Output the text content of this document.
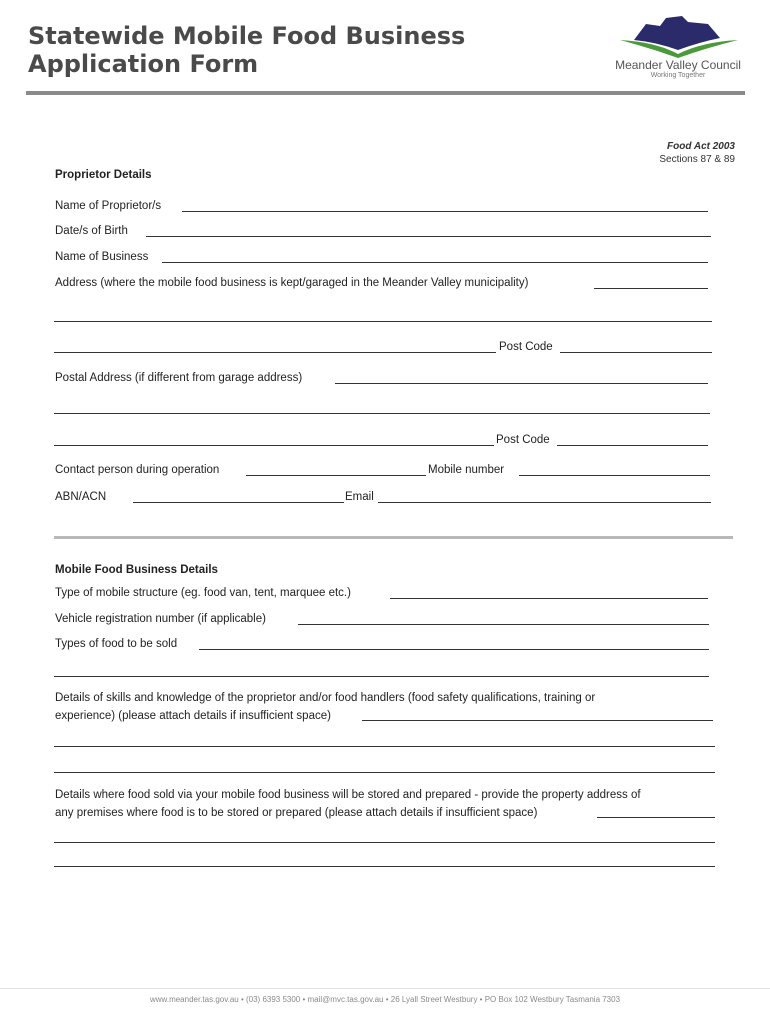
Statewide Mobile Food Business
Application Form	Meander Valley Council
Working Together
Food Act 2003
Sections 87 & 89
Proprietor Details
Name of Proprietor/s
Date/s of Birth
Name of Business
Address (where the mobile food business is kept/garaged in the Meander Valley municipality)
Post Code
Postal Address (if different from garage address)
Post Code
Contact person during operation	Mobile number
ABN/ACN	Email
Mobile Food Business Details
Type of mobile structure (eg. food van, tent, marquee etc.)
Vehicle registration number (if applicable)
Types of food to be sold
Details of skills and knowledge of the proprietor and/or food handlers (food safety qualifications, training or
experience) (please attach details if insufficient space)
Details where food sold via your mobile food business will be stored and prepared - provide the property address of
any premises where food is to be stored or prepared (please attach details if insufficient space)
www.meander.tas.gov.au • (03) 6393 5300 • mail@mvc.tas.gov.au • 26 Lyall Street Westbury • PO Box 102 Westbury Tasmania 7303
